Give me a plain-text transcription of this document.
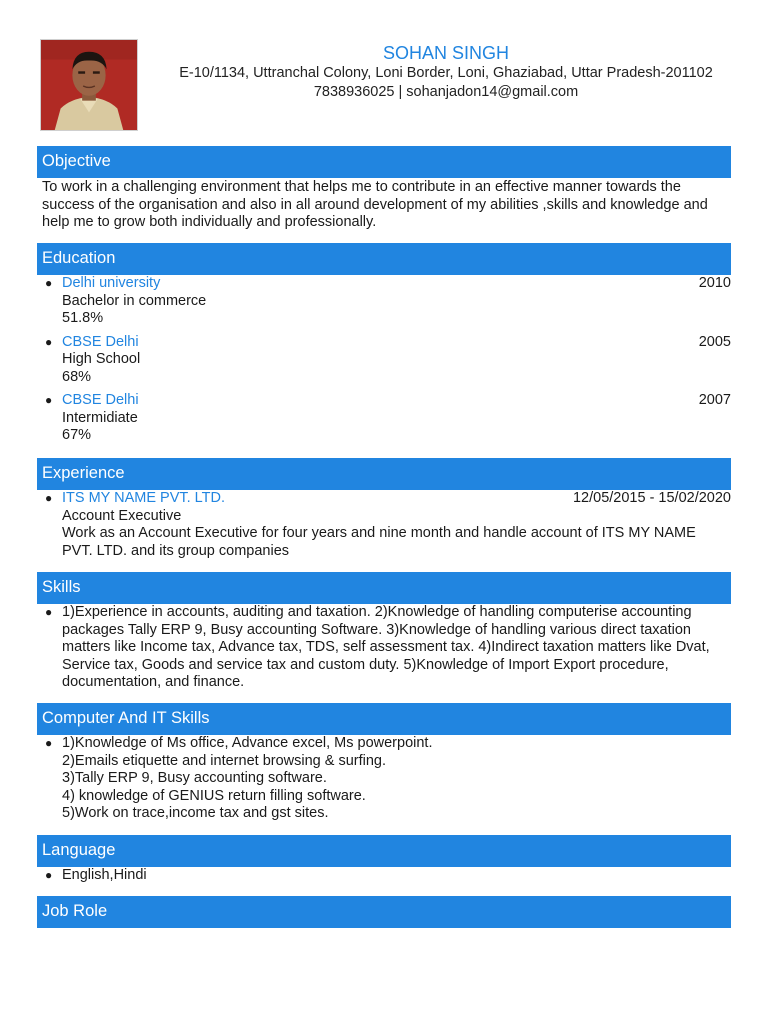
SOHAN SINGH
E-10/1134, Uttranchal Colony, Loni Border, Loni, Ghaziabad, Uttar Pradesh-201102
7838936025 | sohanjadon14@gmail.com
Objective
To work in a challenging environment that helps me to contribute in an effective manner towards the success of the organisation and also in all around development of my abilities ,skills and knowledge and help me to grow both individually and professionally.
Education
● Delhi university	2010
Bachelor in commerce
51.8%
● CBSE Delhi	2005
High School
68%
● CBSE Delhi	2007
Intermidiate
67%
Experience
● ITS MY NAME PVT. LTD.	12/05/2015 - 15/02/2020
Account Executive
Work as an Account Executive for four years and nine month and handle account of ITS MY NAME PVT. LTD. and its group companies
Skills
● 1)Experience in accounts, auditing and taxation. 2)Knowledge of handling computerise accounting packages Tally ERP 9, Busy accounting Software. 3)Knowledge of handling various direct taxation matters like Income tax, Advance tax, TDS, self assessment tax. 4)Indirect taxation matters like Dvat, Service tax, Goods and service tax and custom duty. 5)Knowledge of Import Export procedure, documentation, and finance.
Computer And IT Skills
● 1)Knowledge of Ms office, Advance excel, Ms powerpoint.
2)Emails etiquette and internet browsing & surfing.
3)Tally ERP 9, Busy accounting software.
4) knowledge of GENIUS return filling software.
5)Work on trace,income tax and gst sites.
Language
● English,Hindi
Job Role
